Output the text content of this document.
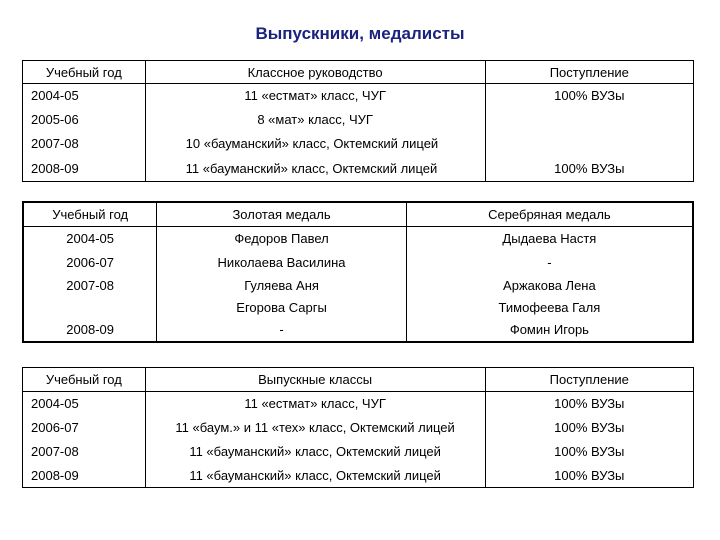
Выпускники, медалисты
Учебный год	Классное руководство	Поступление
2004-05	11 «естмат» класс, ЧУГ	100% ВУЗы
2005-06	8 «мат» класс, ЧУГ	
2007-08	10 «бауманский» класс, Октемский лицей	
2008-09	11 «бауманский» класс, Октемский лицей	100% ВУЗы
Учебный год	Золотая медаль	Серебряная медаль
2004-05	Федоров Павел	Дыдаева Настя
2006-07	Николаева Василина	-
2007-08	Гуляева Аня	Аржакова Лена
	Егорова Саргы	Тимофеева Галя
2008-09	-	Фомин Игорь
Учебный год	Выпускные классы	Поступление
2004-05	11 «естмат» класс, ЧУГ	100% ВУЗы
2006-07	11 «баум.» и 11 «тех» класс, Октемский лицей	100% ВУЗы
2007-08	11 «бауманский» класс, Октемский лицей	100% ВУЗы
2008-09	11 «бауманский» класс, Октемский лицей	100% ВУЗы
